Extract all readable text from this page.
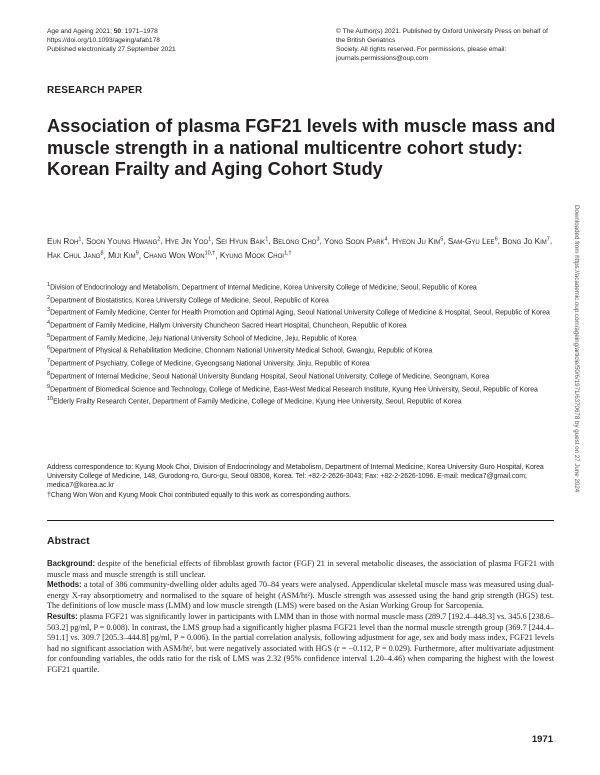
Age and Ageing 2021; 50: 1971–1978
https://doi.org/10.1093/ageing/afab178
Published electronically 27 September 2021
© The Author(s) 2021. Published by Oxford University Press on behalf of the British Geriatrics
Society. All rights reserved. For permissions, please email: journals.permissions@oup.com
RESEARCH PAPER
Association of plasma FGF21 levels with muscle mass and muscle strength in a national multicentre cohort study: Korean Frailty and Aging Cohort Study
Eun Roh$^1$, Soon Young Hwang$^2$, Hye Jin Yoo$^1$, Sei Hyun Baik$^1$, Belong Cho$^3$, Yong Soon Park$^4$, Hyeon Ju Kim$^5$, Sam-Gyu Lee$^6$, Bong Jo Kim$^7$, Hak Chul Jang$^8$, Miji Kim$^9$, Chang Won Won$^{10,\dagger}$, Kyung Mook Choi$^{1,\dagger}$

$^1$Division of Endocrinology and Metabolism, Department of Internal Medicine, Korea University College of Medicine, Seoul, Republic of Korea

$^2$Department of Biostatistics, Korea University College of Medicine, Seoul, Republic of Korea

$^3$Department of Family Medicine, Center for Health Promotion and Optimal Aging, Seoul National University College of Medicine & Hospital, Seoul, Republic of Korea

$^4$Department of Family Medicine, Hallym University Chuncheon Sacred Heart Hospital, Chuncheon, Republic of Korea

$^5$Department of Family Medicine, Jeju National University School of Medicine, Jeju, Republic of Korea

$^6$Department of Physical & Rehabilitation Medicine, Chonnam National University Medical School, Gwangju, Republic of Korea

$^7$Department of Psychiatry, College of Medicine, Gyeongsang National University, Jinju, Republic of Korea

$^8$Department of Internal Medicine, Seoul National University Bundang Hospital, Seoul National University, College of Medicine, Seongnam, Korea

$^9$Department of Biomedical Science and Technology, College of Medicine, East-West Medical Research Institute, Kyung Hee University, Seoul, Republic of Korea

$^{10}$Elderly Frailty Research Center, Department of Family Medicine, College of Medicine, Kyung Hee University, Seoul, Republic of Korea

Address correspondence to: Kyung Mook Choi, Division of Endocrinology and Metabolism, Department of Internal Medicine, Korea University Guro Hospital, Korea University College of Medicine, 148, Gurodong-ro, Guro-gu, Seoul 08308, Korea. Tel: +82-2-2626-3043; Fax: +82-2-2626-1096. E-mail: medica7@gmail.com; medica7@korea.ac.kr

†Chang Won Won and Kyung Mook Choi contributed equally to this work as corresponding authors.

Abstract

Background: despite of the beneficial effects of fibroblast growth factor (FGF) 21 in several metabolic diseases, the association of plasma FGF21 with muscle mass and muscle strength is still unclear.

Methods: a total of 386 community-dwelling older adults aged 70–84 years were analysed. Appendicular skeletal muscle mass was measured using dual-energy X-ray absorptiometry and normalised to the square of height (ASM/ht²). Muscle strength was assessed using the hand grip strength (HGS) test. The definitions of low muscle mass (LMM) and low muscle strength (LMS) were based on the Asian Working Group for Sarcopenia.

Results: plasma FGF21 was significantly lower in participants with LMM than in those with normal muscle mass (289.7 [192.4–448.3] vs. 345.6 [238.6–503.2] pg/ml, P = 0.008). In contrast, the LMS group had a significantly higher plasma FGF21 level than the normal muscle strength group (369.7 [244.4–591.1] vs. 309.7 [205.3–444.8] pg/ml, P = 0.006). In the partial correlation analysis, following adjustment for age, sex and body mass index, FGF21 levels had no significant association with ASM/ht², but were negatively associated with HGS (r = −0.112, P = 0.029). Furthermore, after multivariate adjustment for confounding variables, the odds ratio for the risk of LMS was 2.32 (95% confidence interval 1.20–4.46) when comparing the highest with the lowest FGF21 quartile.

1971
Downloaded from https://academic.oup.com/ageing/article/50/6/1971/6370678 by guest on 27 June 2024
